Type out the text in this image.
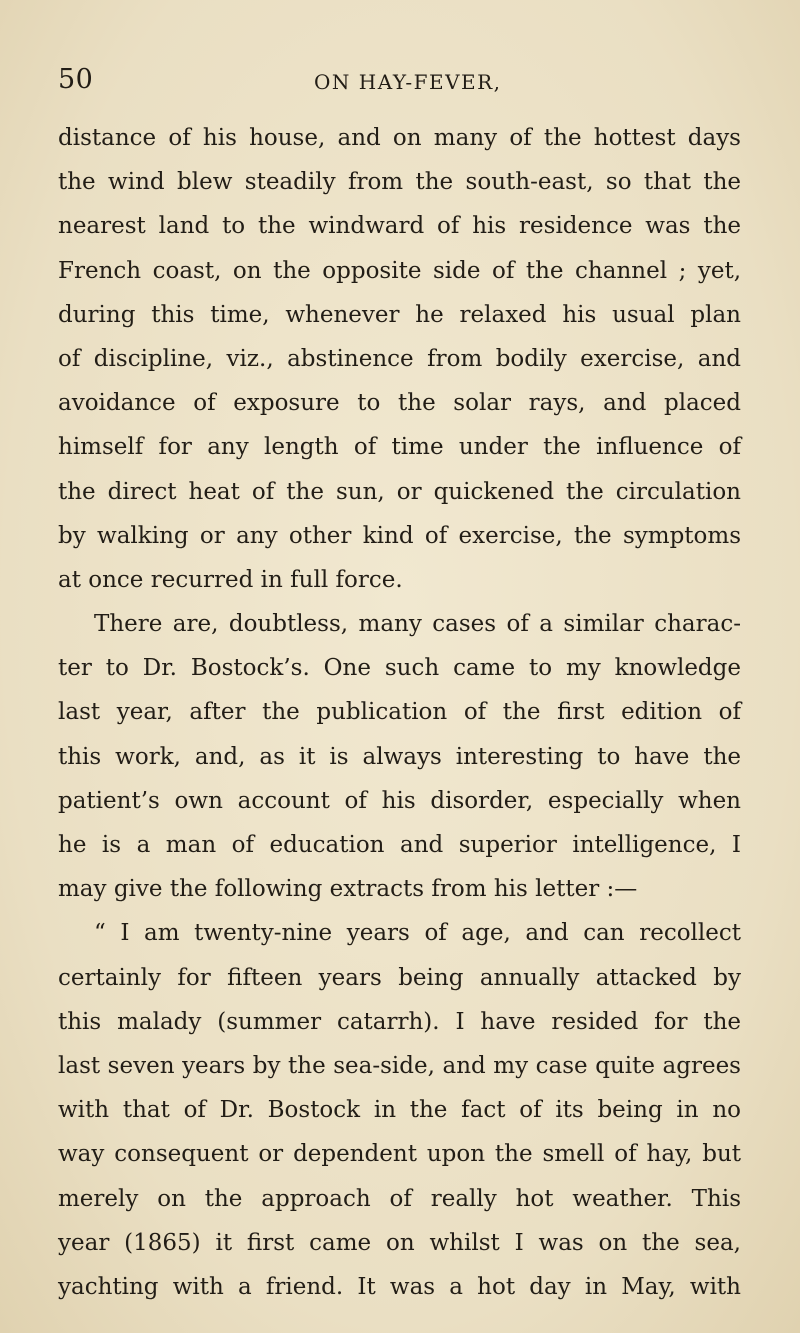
50	ON HAY-FEVER,
distance of his house, and on many of the hottest days
the wind blew steadily from the south-east, so that the
nearest land to the windward of his residence was the
French coast, on the opposite side of the channel ; yet,
during this time, whenever he relaxed his usual plan
of discipline, viz., abstinence from bodily exercise, and
avoidance of exposure to the solar rays, and placed
himself for any length of time under the influence of
the direct heat of the sun, or quickened the circulation
by walking or any other kind of exercise, the symptoms
at once recurred in full force.
There are, doubtless, many cases of a similar charac-
ter to Dr. Bostock’s. One such came to my knowledge
last year, after the publication of the first edition of
this work, and, as it is always interesting to have the
patient’s own account of his disorder, especially when
he is a man of education and superior intelligence, I
may give the following extracts from his letter :—
“ I am twenty-nine years of age, and can recollect
certainly for fifteen years being annually attacked by
this malady (summer catarrh). I have resided for the
last seven years by the sea-side, and my case quite agrees
with that of Dr. Bostock in the fact of its being in no
way consequent or dependent upon the smell of hay, but
merely on the approach of really hot weather. This
year (1865) it first came on whilst I was on the sea,
yachting with a friend. It was a hot day in May, with
